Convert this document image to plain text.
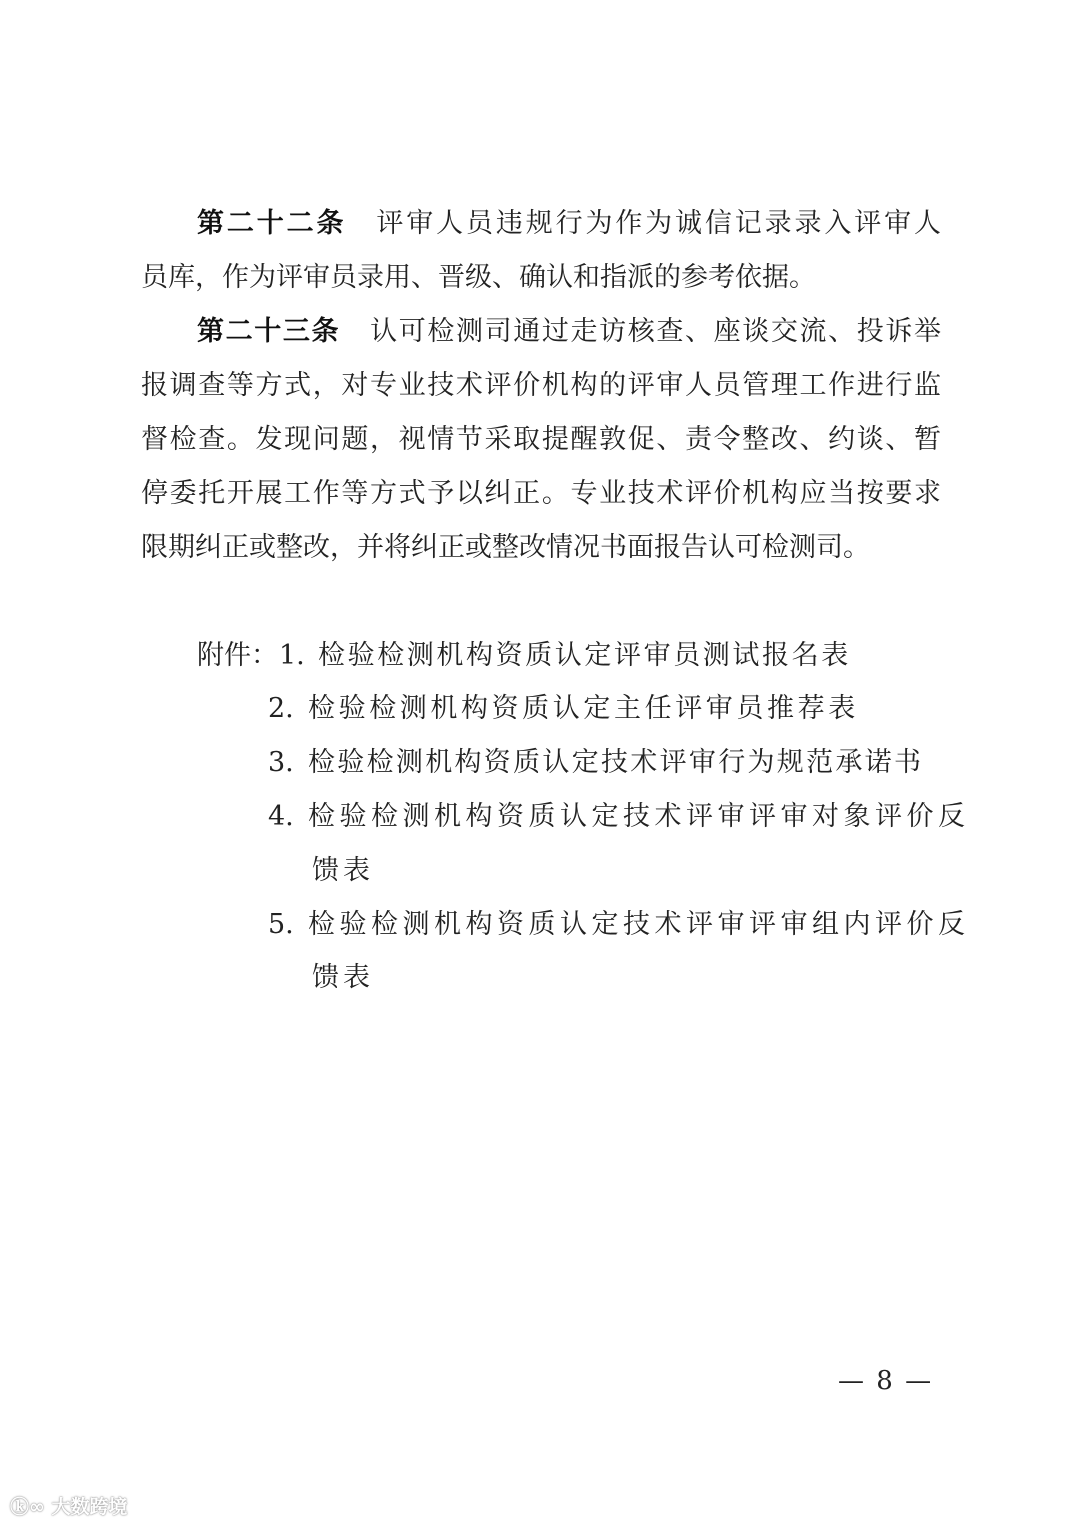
第二十二条 评审人员违规行为作为诚信记录录入评审人
员库，作为评审员录用、晋级、确认和指派的参考依据。
第二十三条 认可检测司通过走访核查、座谈交流、投诉举
报调查等方式，对专业技术评价机构的评审人员管理工作进行监
督检查。发现问题，视情节采取提醒敦促、责令整改、约谈、暂
停委托开展工作等方式予以纠正。专业技术评价机构应当按要求
限期纠正或整改，并将纠正或整改情况书面报告认可检测司。
附件： 1. 检验检测机构资质认定评审员测试报名表
2. 检验检测机构资质认定主任评审员推荐表
3. 检验检测机构资质认定技术评审行为规范承诺书
4. 检验检测机构资质认定技术评审评审对象评价反
馈表
5. 检验检测机构资质认定技术评审评审组内评价反
馈表
— 8 —
ⓚ∞ 大数跨境
